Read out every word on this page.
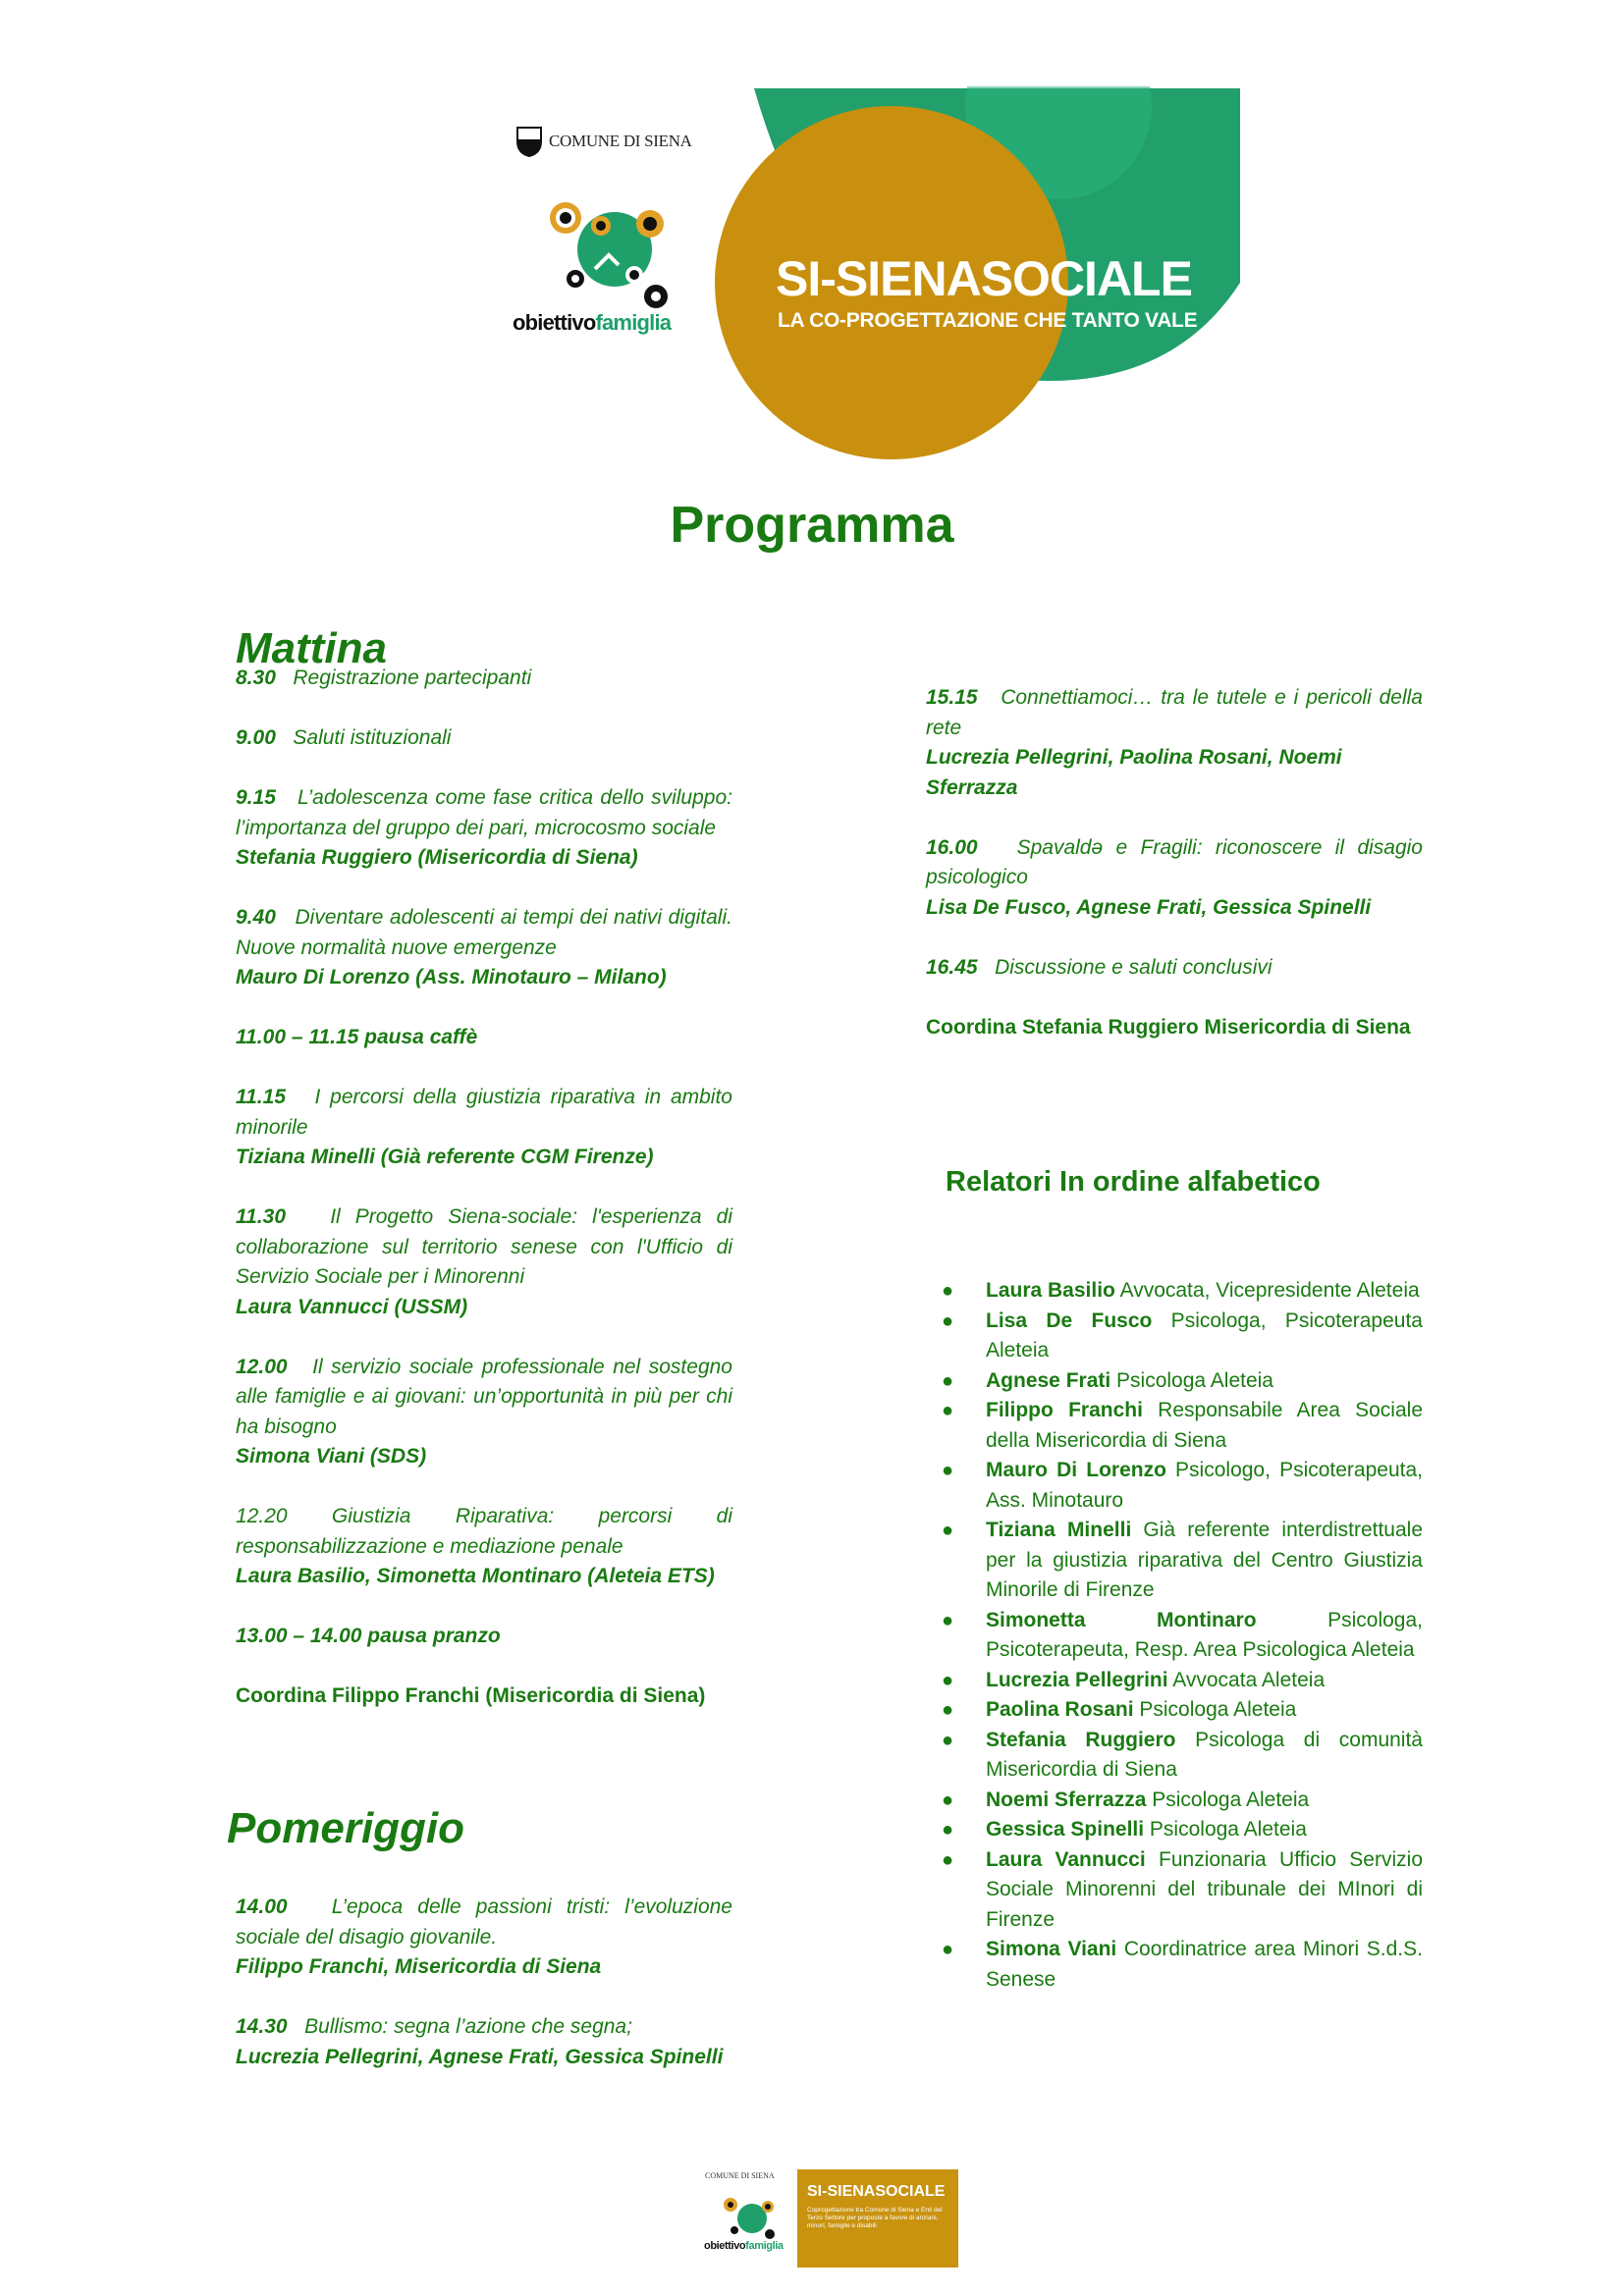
COMUNE DI SIENA
obiettivofamiglia
SI-SIENASOCIALE
LA CO-PROGETTAZIONE CHE TANTO VALE
Programma
Mattina
8.30 Registrazione partecipanti
9.00 Saluti istituzionali
9.15 L’adolescenza come fase critica dello sviluppo: l’importanza del gruppo dei pari, microcosmo sociale
Stefania Ruggiero (Misericordia di Siena)
9.40 Diventare adolescenti ai tempi dei nativi digitali. Nuove normalità nuove emergenze
Mauro Di Lorenzo (Ass. Minotauro – Milano)
11.00 – 11.15 pausa caffè
11.15 I percorsi della giustizia riparativa in ambito minorile
Tiziana Minelli (Già referente CGM Firenze)
11.30 Il Progetto Siena-sociale: l'esperienza di collaborazione sul territorio senese con l'Ufficio di Servizio Sociale per i Minorenni
Laura Vannucci (USSM)
12.00 Il servizio sociale professionale nel sostegno alle famiglie e ai giovani: un’opportunità in più per chi ha bisogno
Simona Viani (SDS)
12.20 Giustizia Riparativa: percorsi di responsabilizzazione e mediazione penale
Laura Basilio, Simonetta Montinaro (Aleteia ETS)
13.00 – 14.00 pausa pranzo
Coordina Filippo Franchi (Misericordia di Siena)
Pomeriggio
14.00 L’epoca delle passioni tristi: l’evoluzione sociale del disagio giovanile.
Filippo Franchi, Misericordia di Siena
14.30 Bullismo: segna l’azione che segna;
Lucrezia Pellegrini, Agnese Frati, Gessica Spinelli
15.15 Connettiamoci… tra le tutele e i pericoli della rete
Lucrezia Pellegrini, Paolina Rosani, Noemi Sferrazza
16.00 Spavaldə e Fragili: riconoscere il disagio psicologico
Lisa De Fusco, Agnese Frati, Gessica Spinelli
16.45 Discussione e saluti conclusivi
Coordina Stefania Ruggiero Misericordia di Siena
Relatori In ordine alfabetico
● Laura Basilio Avvocata, Vicepresidente Aleteia
● Lisa De Fusco Psicologa, Psicoterapeuta Aleteia
● Agnese Frati Psicologa Aleteia
● Filippo Franchi Responsabile Area Sociale della Misericordia di Siena
● Mauro Di Lorenzo Psicologo, Psicoterapeuta, Ass. Minotauro
● Tiziana Minelli Già referente interdistrettuale per la giustizia riparativa del Centro Giustizia Minorile di Firenze
● Simonetta Montinaro Psicologa, Psicoterapeuta, Resp. Area Psicologica Aleteia
● Lucrezia Pellegrini Avvocata Aleteia
● Paolina Rosani Psicologa Aleteia
● Stefania Ruggiero Psicologa di comunità Misericordia di Siena
● Noemi Sferrazza Psicologa Aleteia
● Gessica Spinelli Psicologa Aleteia
● Laura Vannucci Funzionaria Ufficio Servizio Sociale Minorenni del tribunale dei MInori di Firenze
● Simona Viani Coordinatrice area Minori S.d.S. Senese
COMUNE DI SIENA
obiettivofamiglia
SI-SIENASOCIALE
Coprogettazione tra Comune di Siena e Enti del Terzo Settore per proposte a favore di anziani, minori, famiglie e disabili
